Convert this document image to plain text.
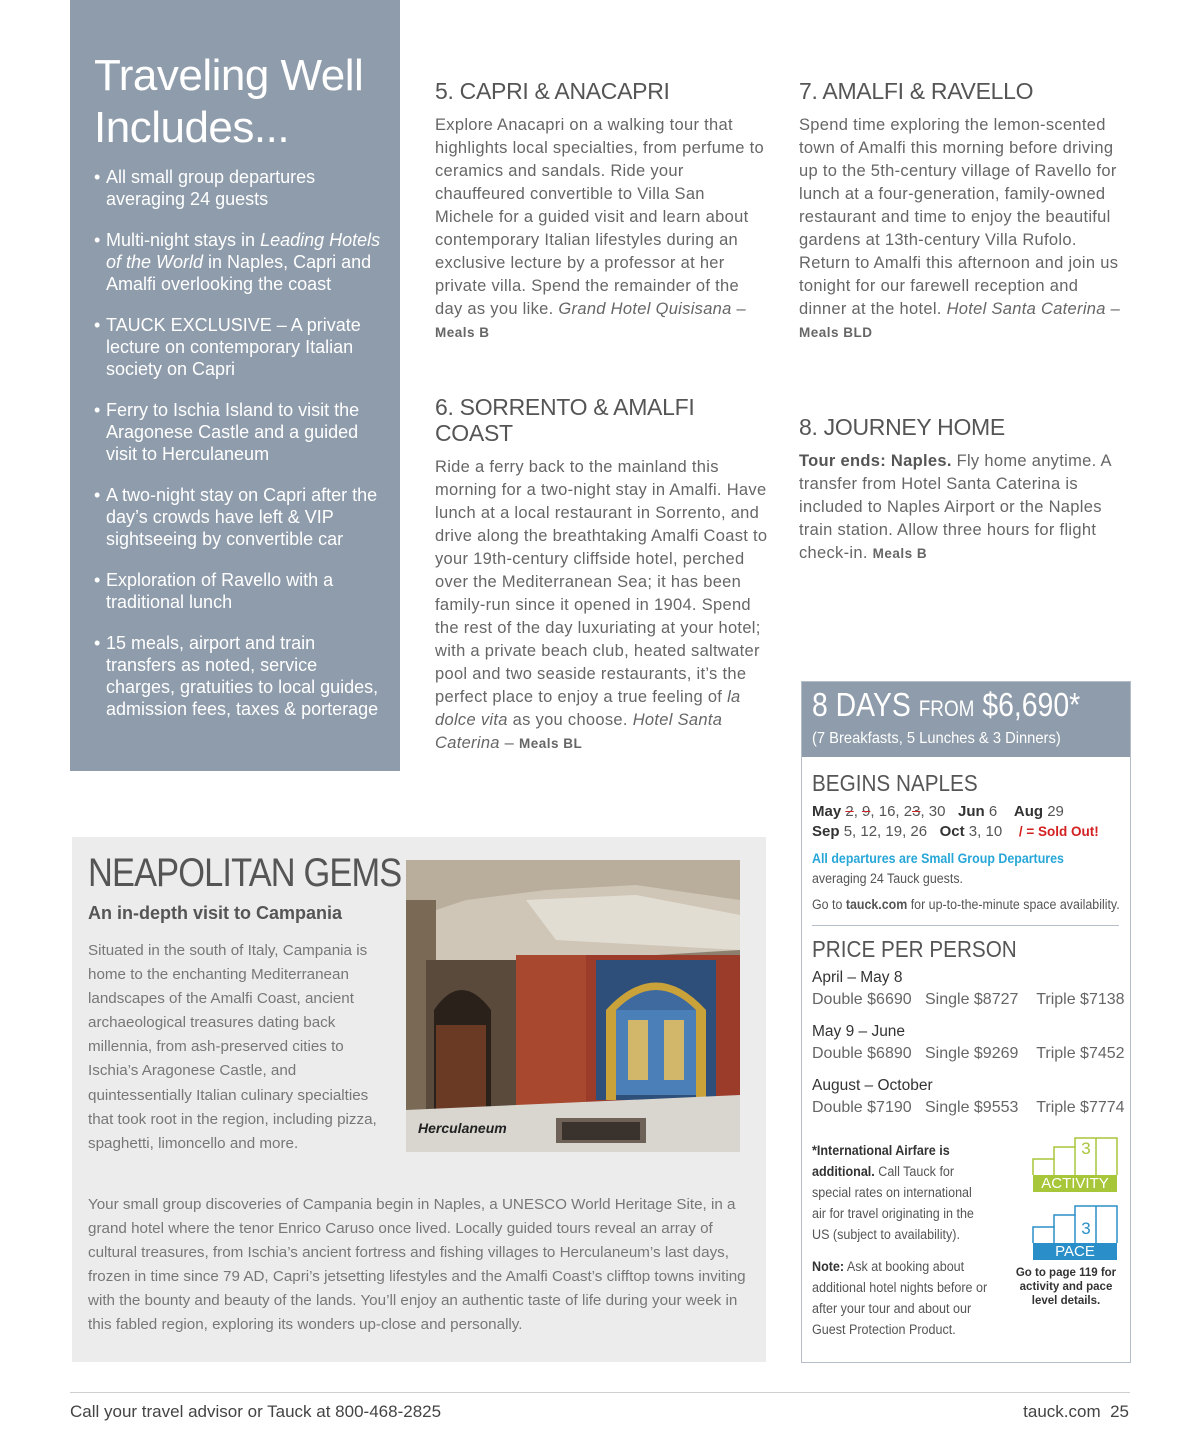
Traveling Well
Includes...
• All small group departures averaging 24 guests
• Multi-night stays in Leading Hotels of the World in Naples, Capri and Amalfi overlooking the coast
• TAUCK EXCLUSIVE – A private lecture on contemporary Italian society on Capri
• Ferry to Ischia Island to visit the Aragonese Castle and a guided visit to Herculaneum
• A two-night stay on Capri after the day’s crowds have left & VIP sightseeing by convertible car
• Exploration of Ravello with a traditional lunch
• 15 meals, airport and train transfers as noted, service charges, gratuities to local guides, admission fees, taxes & porterage
5. CAPRI & ANACAPRI

Explore Anacapri on a walking tour that highlights local specialties, from perfume to ceramics and sandals. Ride your chauffeured convertible to Villa San Michele for a guided visit and learn about contemporary Italian lifestyles during an exclusive lecture by a professor at her private villa. Spend the remainder of the day as you like. Grand Hotel Quisisana – Meals B

6. SORRENTO & AMALFI COAST

Ride a ferry back to the mainland this morning for a two-night stay in Amalfi. Have lunch at a local restaurant in Sorrento, and drive along the breathtaking Amalfi Coast to your 19th-century cliffside hotel, perched over the Mediterranean Sea; it has been family-run since it opened in 1904. Spend the rest of the day luxuriating at your hotel; with a private beach club, heated saltwater pool and two seaside restaurants, it’s the perfect place to enjoy a true feeling of la dolce vita as you choose. Hotel Santa Caterina – Meals BL

7. AMALFI & RAVELLO

Spend time exploring the lemon-scented town of Amalfi this morning before driving up to the 5th-century village of Ravello for lunch at a four-generation, family-owned restaurant and time to enjoy the beautiful gardens at 13th-century Villa Rufolo. Return to Amalfi this afternoon and join us tonight for our farewell reception and dinner at the hotel. Hotel Santa Caterina – Meals BLD

8. JOURNEY HOME

Tour ends: Naples. Fly home anytime. A transfer from Hotel Santa Caterina is included to Naples Airport or the Naples train station. Allow three hours for flight check-in. Meals B

NEAPOLITAN GEMS
An in-depth visit to Campania
Situated in the south of Italy, Campania is home to the enchanting Mediterranean landscapes of the Amalfi Coast, ancient archaeological treasures dating back millennia, from ash-preserved cities to Ischia’s Aragonese Castle, and quintessentially Italian culinary specialties that took root in the region, including pizza, spaghetti, limoncello and more.
Herculaneum
Your small group discoveries of Campania begin in Naples, a UNESCO World Heritage Site, in a grand hotel where the tenor Enrico Caruso once lived. Locally guided tours reveal an array of cultural treasures, from Ischia’s ancient fortress and fishing villages to Herculaneum’s last days, frozen in time since 79 AD, Capri’s jetsetting lifestyles and the Amalfi Coast’s clifftop towns inviting with the bounty and beauty of the lands. You’ll enjoy an authentic taste of life during your week in this fabled region, exploring its wonders up-close and personally.
8 DAYS FROM $6,690*
(7 Breakfasts, 5 Lunches & 3 Dinners)
BEGINS NAPLES
May 2, 9, 16, 23, 30 Jun 6 Aug 29
Sep 5, 12, 19, 26 Oct 3, 10 / = Sold Out!
All departures are Small Group Departures
averaging 24 Tauck guests.
Go to tauck.com for up-to-the-minute space availability.
PRICE PER PERSON
April – May 8
Double $6690 Single $8727 Triple $7138
May 9 – June
Double $6890 Single $9269 Triple $7452
August – October
Double $7190 Single $9553 Triple $7774
*International Airfare is additional. Call Tauck for special rates on international air for travel originating in the US (subject to availability).
Note: Ask at booking about additional hotel nights before or after your tour and about our Guest Protection Product.
3
ACTIVITY
3
PACE
Go to page 119 for activity and pace level details.
Call your travel advisor or Tauck at 800-468-2825	tauck.com 25
